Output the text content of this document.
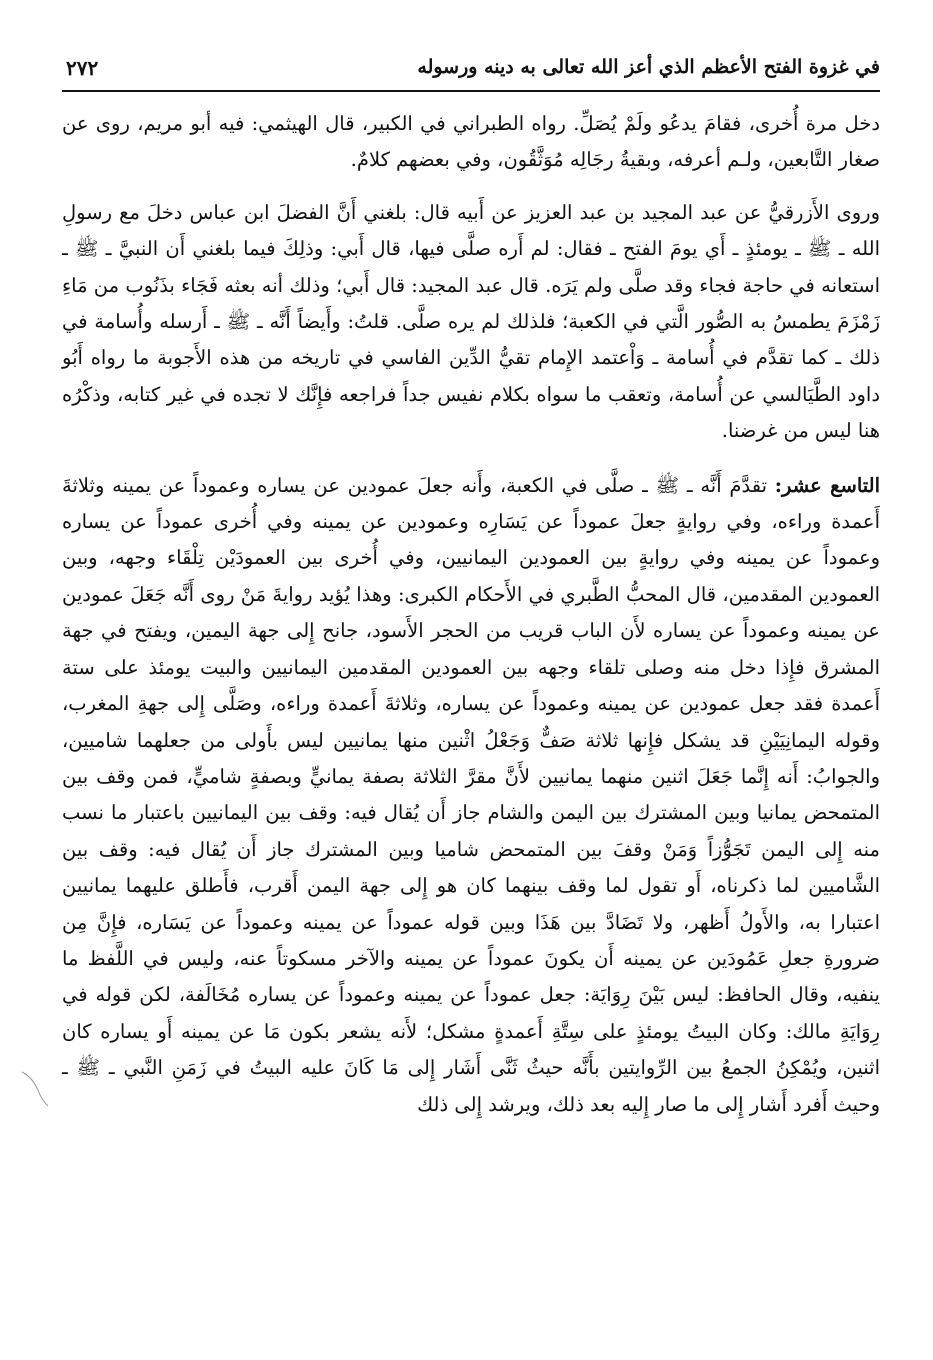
في غزوة الفتح الأعظم الذي أعز الله تعالى به دينه ورسوله
٢٧٢

دخل مرة أُخرى، فقامَ يدعُو ولَمْ يُصَلِّ. رواه الطبراني في الكبير، قال الهيثمي: فيه أبو مريم، روى عن صغار التَّابعين، ولـم أعرفه، وبقيةُ رجَالِه مُوَثَّقُون، وفي بعضهم كلامٌ.

وروى الأَزرقيُّ عن عبد المجيد بن عبد العزيز عن أَبيه قال: بلغني أَنَّ الفضلَ ابن عباس دخلَ مع رسولِ الله ـ ﷺ ـ يومئذٍ ـ أَي يومَ الفتح ـ فقال: لم أَره صلَّى فيها، قال أَبي: وذلِكَ فيما بلغني أَن النبيَّ ـ ﷺ ـ استعانه في حاجة فجاء وقد صلَّى ولم يَرَه. قال عبد المجيد: قال أَبي؛ وذلك أنه بعثه فَجَاء بذَنُوب من مَاءِ زَمْزَمَ يطمسُ به الصُّور الَّتي في الكعبة؛ فلذلك لم يره صلَّى. قلتُ: وأَيضاً أَنَّه ـ ﷺ ـ أَرسله وأُسامة في ذلك ـ كما تقدَّم في أُسامة ـ وَاْعتمد الإِمام تقيُّ الدِّين الفاسي في تاريخه من هذه الأَجوبة ما رواه أَبُو داود الطَّيَالسي عن أُسامة، وتعقب ما سواه بكلام نفيس جداً فراجعه فإِنَّك لا تجده في غير كتابه، وذكْرُه هنا ليس من غرضنا.

التاسع عشر: تقدَّمَ أَنَّه ـ ﷺ ـ صلَّى في الكعبة، وأَنه جعلَ عمودين عن يساره وعموداً عن يمينه وثلاثةَ أَعمدة وراءه، وفي روايةٍ جعلَ عموداً عن يَسَارِه وعمودين عن يمينه وفي أُخرى عموداً عن يساره وعموداً عن يمينه وفي روايةٍ بين العمودين اليمانيين، وفي أُخرى بين العمودَيْن تِلْقَاء وجهه، وبين العمودين المقدمين، قال المحبُّ الطَّبري في الأَحكام الكبرى: وهذا يُؤيد روايةَ مَنْ روى أَنَّه جَعَلَ عمودين عن يمينه وعموداً عن يساره لأَن الباب قريب من الحجر الأَسود، جانح إِلى جهة اليمين، ويفتح في جهة المشرق فإِذا دخل منه وصلى تلقاء وجهه بين العمودين المقدمين اليمانيين والبيت يومئذ على ستة أَعمدة فقد جعل عمودين عن يمينه وعموداً عن يساره، وثلاثةَ أَعمدة وراءه، وصَلَّى إِلى جهةِ المغرب، وقوله اليمانِيَيْنِ قد يشكل فإِنها ثلاثة صَفٌّ وَجَعْلُ اثْنين منها يمانيين ليس بأَولى من جعلهما شاميين، والجوابُ: أَنه إِنَّما جَعَلَ اثنين منهما يمانيين لأَنَّ مقرَّ الثلاثة بصفة يمانيٍّ وبصفةٍ شاميٍّ، فمن وقف بين المتمحض يمانيا وبين المشترك بين اليمن والشام جاز أَن يُقال فيه: وقف بين اليمانيين باعتبار ما نسب منه إِلى اليمن تَجَوُّزاً وَمَنْ وقفَ بين المتمحض شاميا وبين المشترك جاز أَن يُقال فيه: وقف بين الشَّاميين لما ذكرناه، أَو تقول لما وقف بينهما كان هو إِلى جهة اليمن أَقرب، فأَطلق عليهما يمانيين اعتبارا به، والأَولُ أَظهر، ولا تَضَادَّ بين هَذَا وبين قوله عموداً عن يمينه وعموداً عن يَسَاره، فإِنَّ مِن ضرورةِ جعلِ عَمُودَين عن يمينه أَن يكونَ عموداً عن يمينه والآخر مسكوتاً عنه، وليس في اللَّفظ ما ينفيه، وقال الحافظ: ليس بَيْنَ رِوَايَة: جعل عموداً عن يمينه وعموداً عن يساره مُخَالَفة، لكن قوله في رِوَايَةِ مالك: وكان البيتُ يومئذٍ على سِتَّةِ أَعمدةٍ مشكل؛ لأَنه يشعر بكون مَا عن يمينه أَو يساره كان اثنين، ويُمْكِنُ الجمعُ بين الرِّوايتين بأَنَّه حيثُ ثَنَّى أَشَار إِلى مَا كَانَ عليه البيتُ في زَمَنِ النَّبي ـ ﷺ ـ وحيث أَفرد أَشار إِلى ما صار إِليه بعد ذلك، ويرشد إِلى ذلك
